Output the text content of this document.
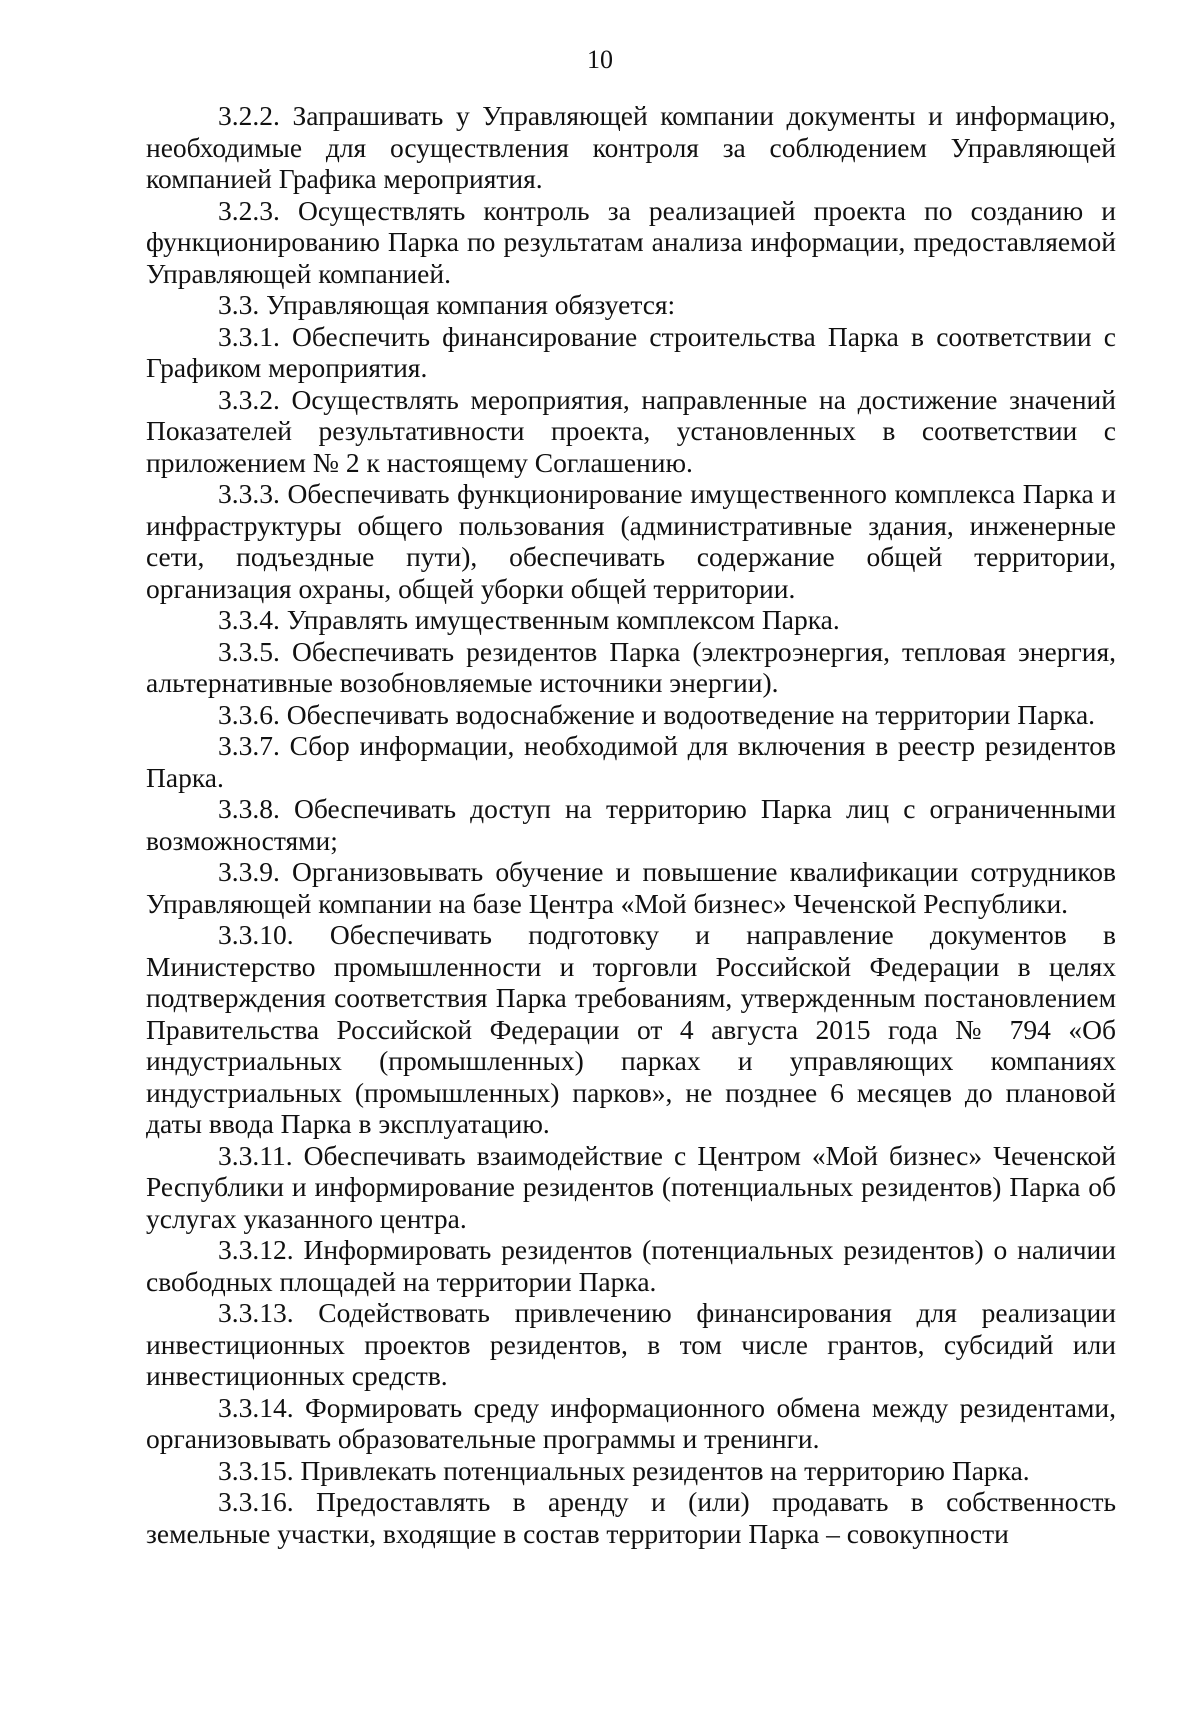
10

3.2.2. Запрашивать у Управляющей компании документы и информацию, необходимые для осуществления контроля за соблюдением Управляющей компанией Графика мероприятия.

3.2.3. Осуществлять контроль за реализацией проекта по созданию и функционированию Парка по результатам анализа информации, предоставляемой Управляющей компанией.

3.3. Управляющая компания обязуется:

3.3.1. Обеспечить финансирование строительства Парка в соответствии с Графиком мероприятия.

3.3.2. Осуществлять мероприятия, направленные на достижение значений Показателей результативности проекта, установленных в соответствии с приложением № 2 к настоящему Соглашению.

3.3.3. Обеспечивать функционирование имущественного комплекса Парка и инфраструктуры общего пользования (административные здания, инженерные сети, подъездные пути), обеспечивать содержание общей территории, организация охраны, общей уборки общей территории.

3.3.4. Управлять имущественным комплексом Парка.

3.3.5. Обеспечивать резидентов Парка (электроэнергия, тепловая энергия, альтернативные возобновляемые источники энергии).

3.3.6. Обеспечивать водоснабжение и водоотведение на территории Парка.

3.3.7. Сбор информации, необходимой для включения в реестр резидентов Парка.

3.3.8. Обеспечивать доступ на территорию Парка лиц с ограниченными возможностями;

3.3.9. Организовывать обучение и повышение квалификации сотрудников Управляющей компании на базе Центра «Мой бизнес» Чеченской Республики.

3.3.10. Обеспечивать подготовку и направление документов в Министерство промышленности и торговли Российской Федерации в целях подтверждения соответствия Парка требованиям, утвержденным постановлением Правительства Российской Федерации от 4 августа 2015 года № 794 «Об индустриальных (промышленных) парках и управляющих компаниях индустриальных (промышленных) парков», не позднее 6 месяцев до плановой даты ввода Парка в эксплуатацию.

3.3.11. Обеспечивать взаимодействие с Центром «Мой бизнес» Чеченской Республики и информирование резидентов (потенциальных резидентов) Парка об услугах указанного центра.

3.3.12. Информировать резидентов (потенциальных резидентов) о наличии свободных площадей на территории Парка.

3.3.13. Содействовать привлечению финансирования для реализации инвестиционных проектов резидентов, в том числе грантов, субсидий или инвестиционных средств.

3.3.14. Формировать среду информационного обмена между резидентами, организовывать образовательные программы и тренинги.

3.3.15. Привлекать потенциальных резидентов на территорию Парка.

3.3.16. Предоставлять в аренду и (или) продавать в собственность земельные участки, входящие в состав территории Парка – совокупности
